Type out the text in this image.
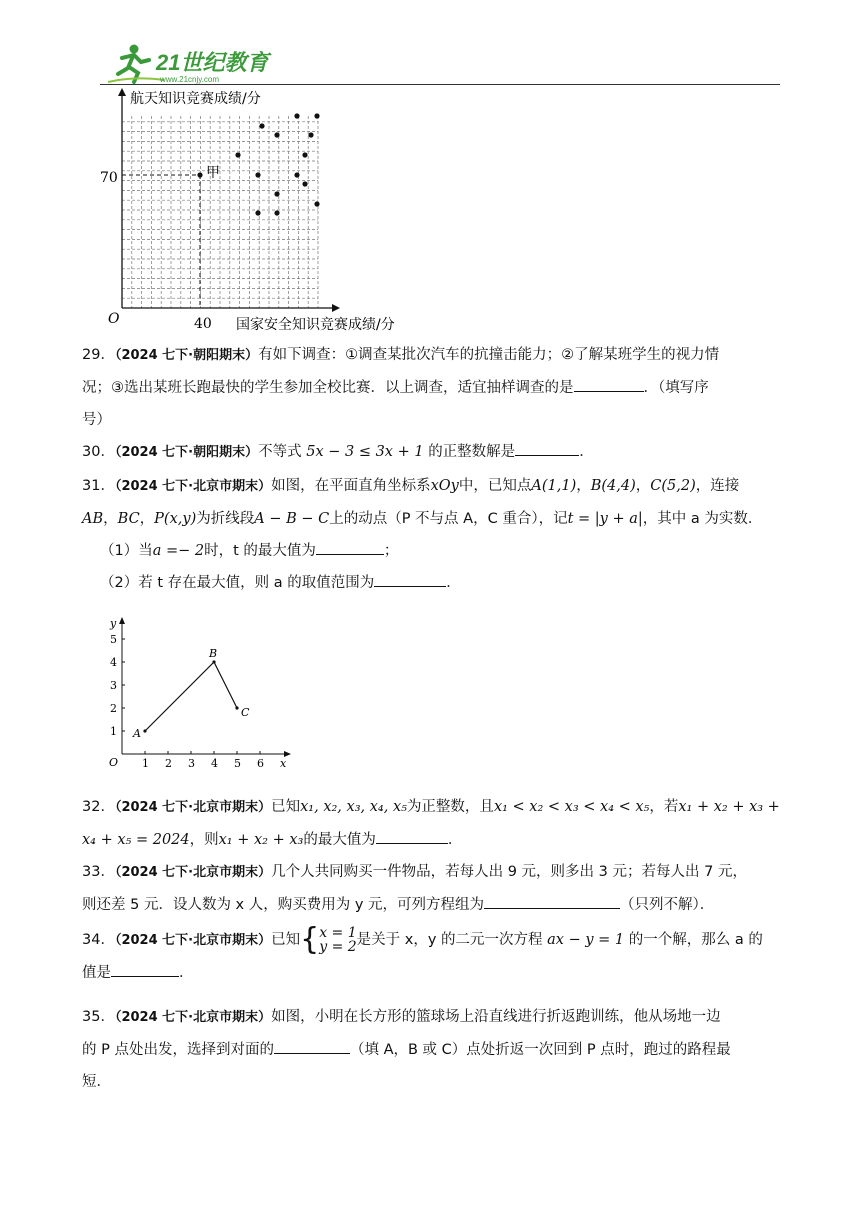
21世纪教育
www.21cnjy.com
航天知识竞赛成绩/分
国家安全知识竞赛成绩/分
O
70
40
甲

29．（2024 七下·朝阳期末）有如下调查：①调查某批次汽车的抗撞击能力；②了解某班学生的视力情

况；③选出某班长跑最快的学生参加全校比赛．以上调查，适宜抽样调查的是	．（填写序

号）

30．（2024 七下·朝阳期末）不等式 5x − 3 ≤ 3x + 1 的正整数解是	．

31．（2024 七下·北京市期末）如图，在平面直角坐标系xOy中，已知点A(1,1)，B(4,4)，C(5,2)，连接

AB，BC，P(x,y)为折线段A − B − C上的动点（P 不与点 A，C 重合），记t = |y + a|，其中 a 为实数．

（1）当a =− 2时，t 的最大值为	；

（2）若 t 存在最大值，则 a 的取值范围为	．

y
x
O 1 2 3 4 5 6
1
2
3
4
5
A
B
C

32．（2024 七下·北京市期末）已知x₁, x₂, x₃, x₄, x₅为正整数，且x₁ < x₂ < x₃ < x₄ < x₅，若x₁ + x₂ + x₃ +

x₄ + x₅ = 2024，则x₁ + x₂ + x₃的最大值为	．

33．（2024 七下·北京市期末）几个人共同购买一件物品，若每人出 9 元，则多出 3 元；若每人出 7 元，

则还差 5 元．设人数为 x 人，购买费用为 y 元，可列方程组为	（只列不解）．

34．（2024 七下·北京市期末）已知{x = 1
y = 2是关于 x，y 的二元一次方程 ax − y = 1 的一个解，那么 a 的

值是	．

35．（2024 七下·北京市期末）如图，小明在长方形的篮球场上沿直线进行折返跑训练，他从场地一边

的 P 点处出发，选择到对面的	（填 A，B 或 C）点处折返一次回到 P 点时，跑过的路程最

短．
